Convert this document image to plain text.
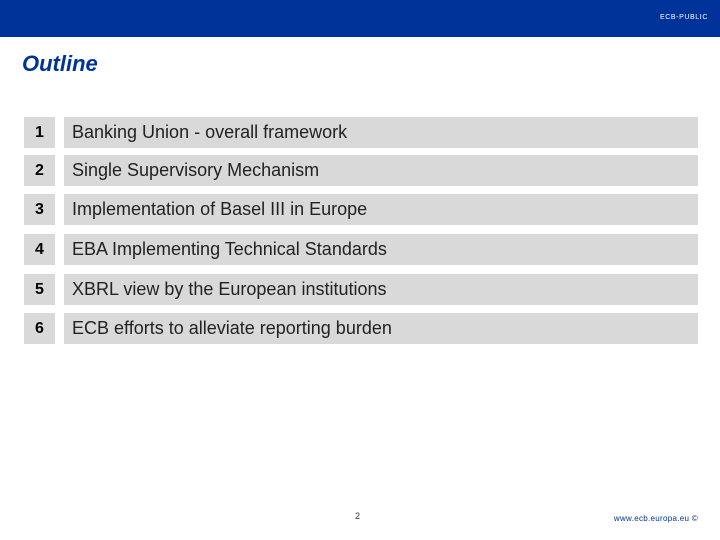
ECB-PUBLIC
Outline
1	Banking Union - overall framework
2	Single Supervisory Mechanism
3	Implementation of Basel III in Europe
4	EBA Implementing Technical Standards
5	XBRL view by the European institutions
6	ECB efforts to alleviate reporting burden
2	www.ecb.europa.eu ©
